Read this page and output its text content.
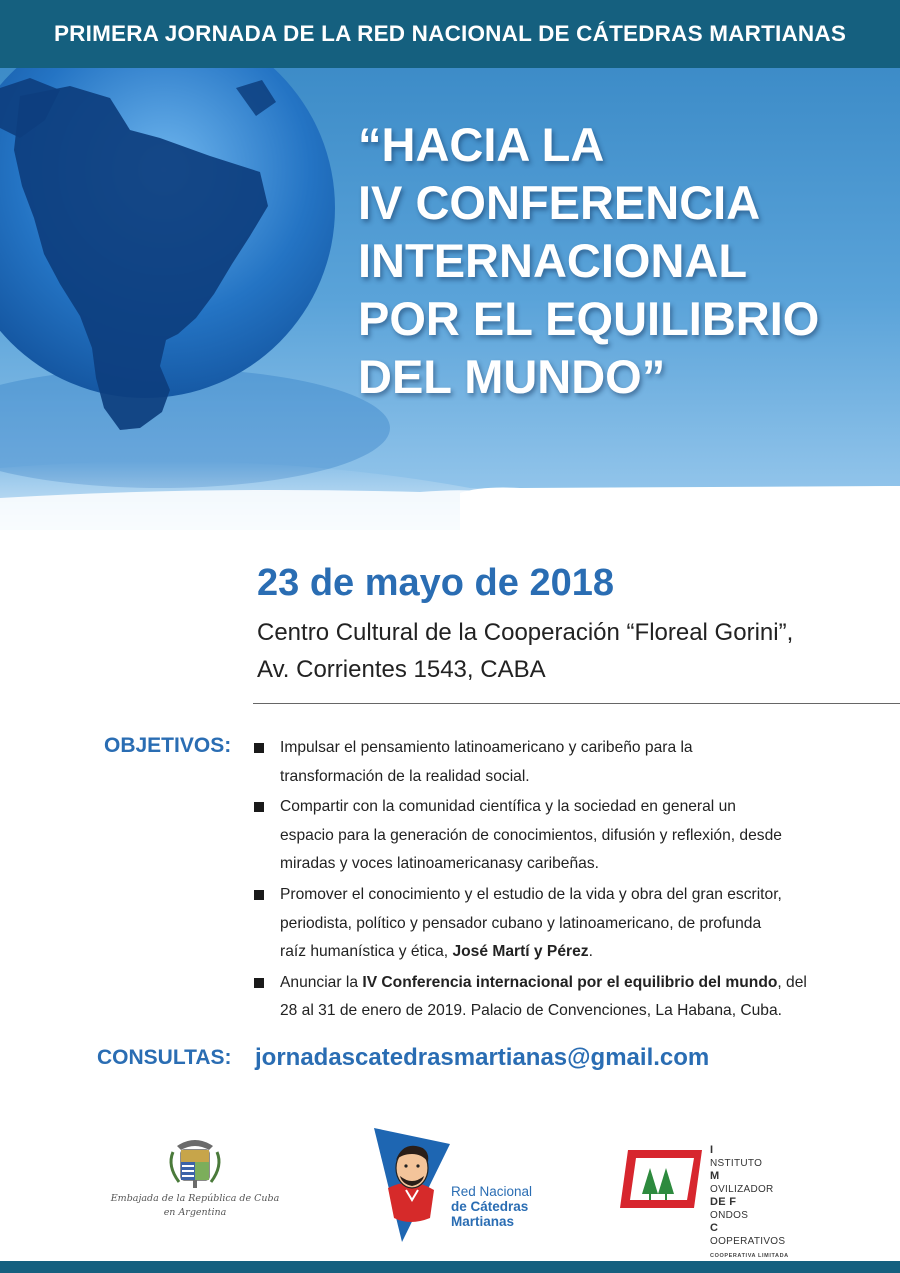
PRIMERA JORNADA DE LA RED NACIONAL DE CÁTEDRAS MARTIANAS
“HACIA LA
IV CONFERENCIA
INTERNACIONAL
POR EL EQUILIBRIO
DEL MUNDO”
23 de mayo de 2018
Centro Cultural de la Cooperación “Floreal Gorini”,
Av. Corrientes 1543, CABA
OBJETIVOS:	Impulsar el pensamiento latinoamericano y caribeño para la
transformación de la realidad social.
Compartir con la comunidad científica y la sociedad en general un
espacio para la generación de conocimientos, difusión y reflexión, desde
miradas y voces latinoamericanasy caribeñas.
Promover el conocimiento y el estudio de la vida y obra del gran escritor,
periodista, político y pensador cubano y latinoamericano, de profunda
raíz humanística y ética, José Martí y Pérez.
Anunciar la IV Conferencia internacional por el equilibrio del mundo, del
28 al 31 de enero de 2019. Palacio de Convenciones, La Habana, Cuba.
CONSULTAS: jornadascatedrasmartianas@gmail.com
Embajada de la República de Cuba
en Argentina
Red Nacional
de Cátedras
Martianas
I
NSTITUTO
M
OVILIZADOR
DE F
ONDOS
C
OOPERATIVOS
COOPERATIVA LIMITADA
